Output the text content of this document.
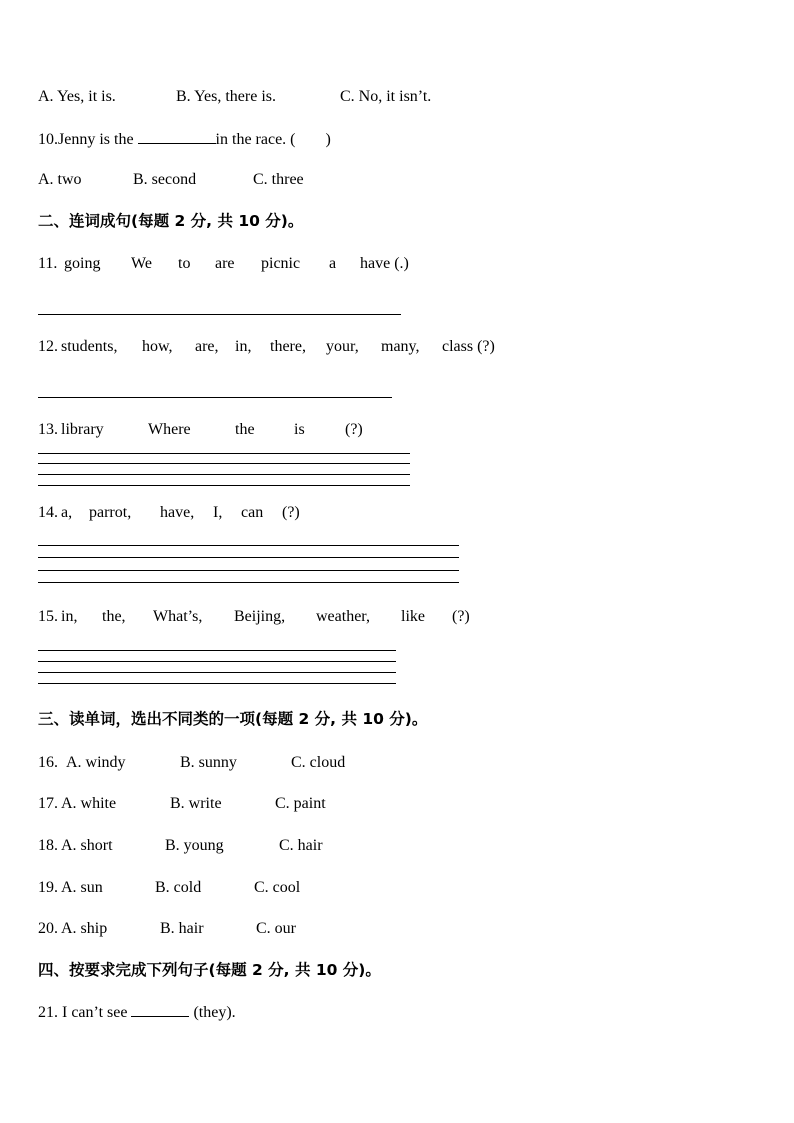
A. Yes, it is.	B. Yes, there is.	C. No, it isn’t.
10.Jenny is the	in the race. ( )
A. two	B. second	C. three
二、连词成句(每题 2 分, 共 10 分)。
11. going We to are picnic a have (.)
12. students, how, are, in, there, your, many, class (?)
13. library	Where	the is	(?)
14. a, parrot, have, I, can (?)
15. in, the, What’s, Beijing, weather, like (?)
三、读单词，选出不同类的一项(每题 2 分, 共 10 分)。
16. A. windy	B. sunny	C. cloud
17. A. white	B. write	C. paint
18. A. short	B. young	C. hair
19. A. sun	B. cold	C. cool
20. A. ship	B. hair	C. our
四、按要求完成下列句子(每题 2 分, 共 10 分)。
21. I can’t see	(they).
